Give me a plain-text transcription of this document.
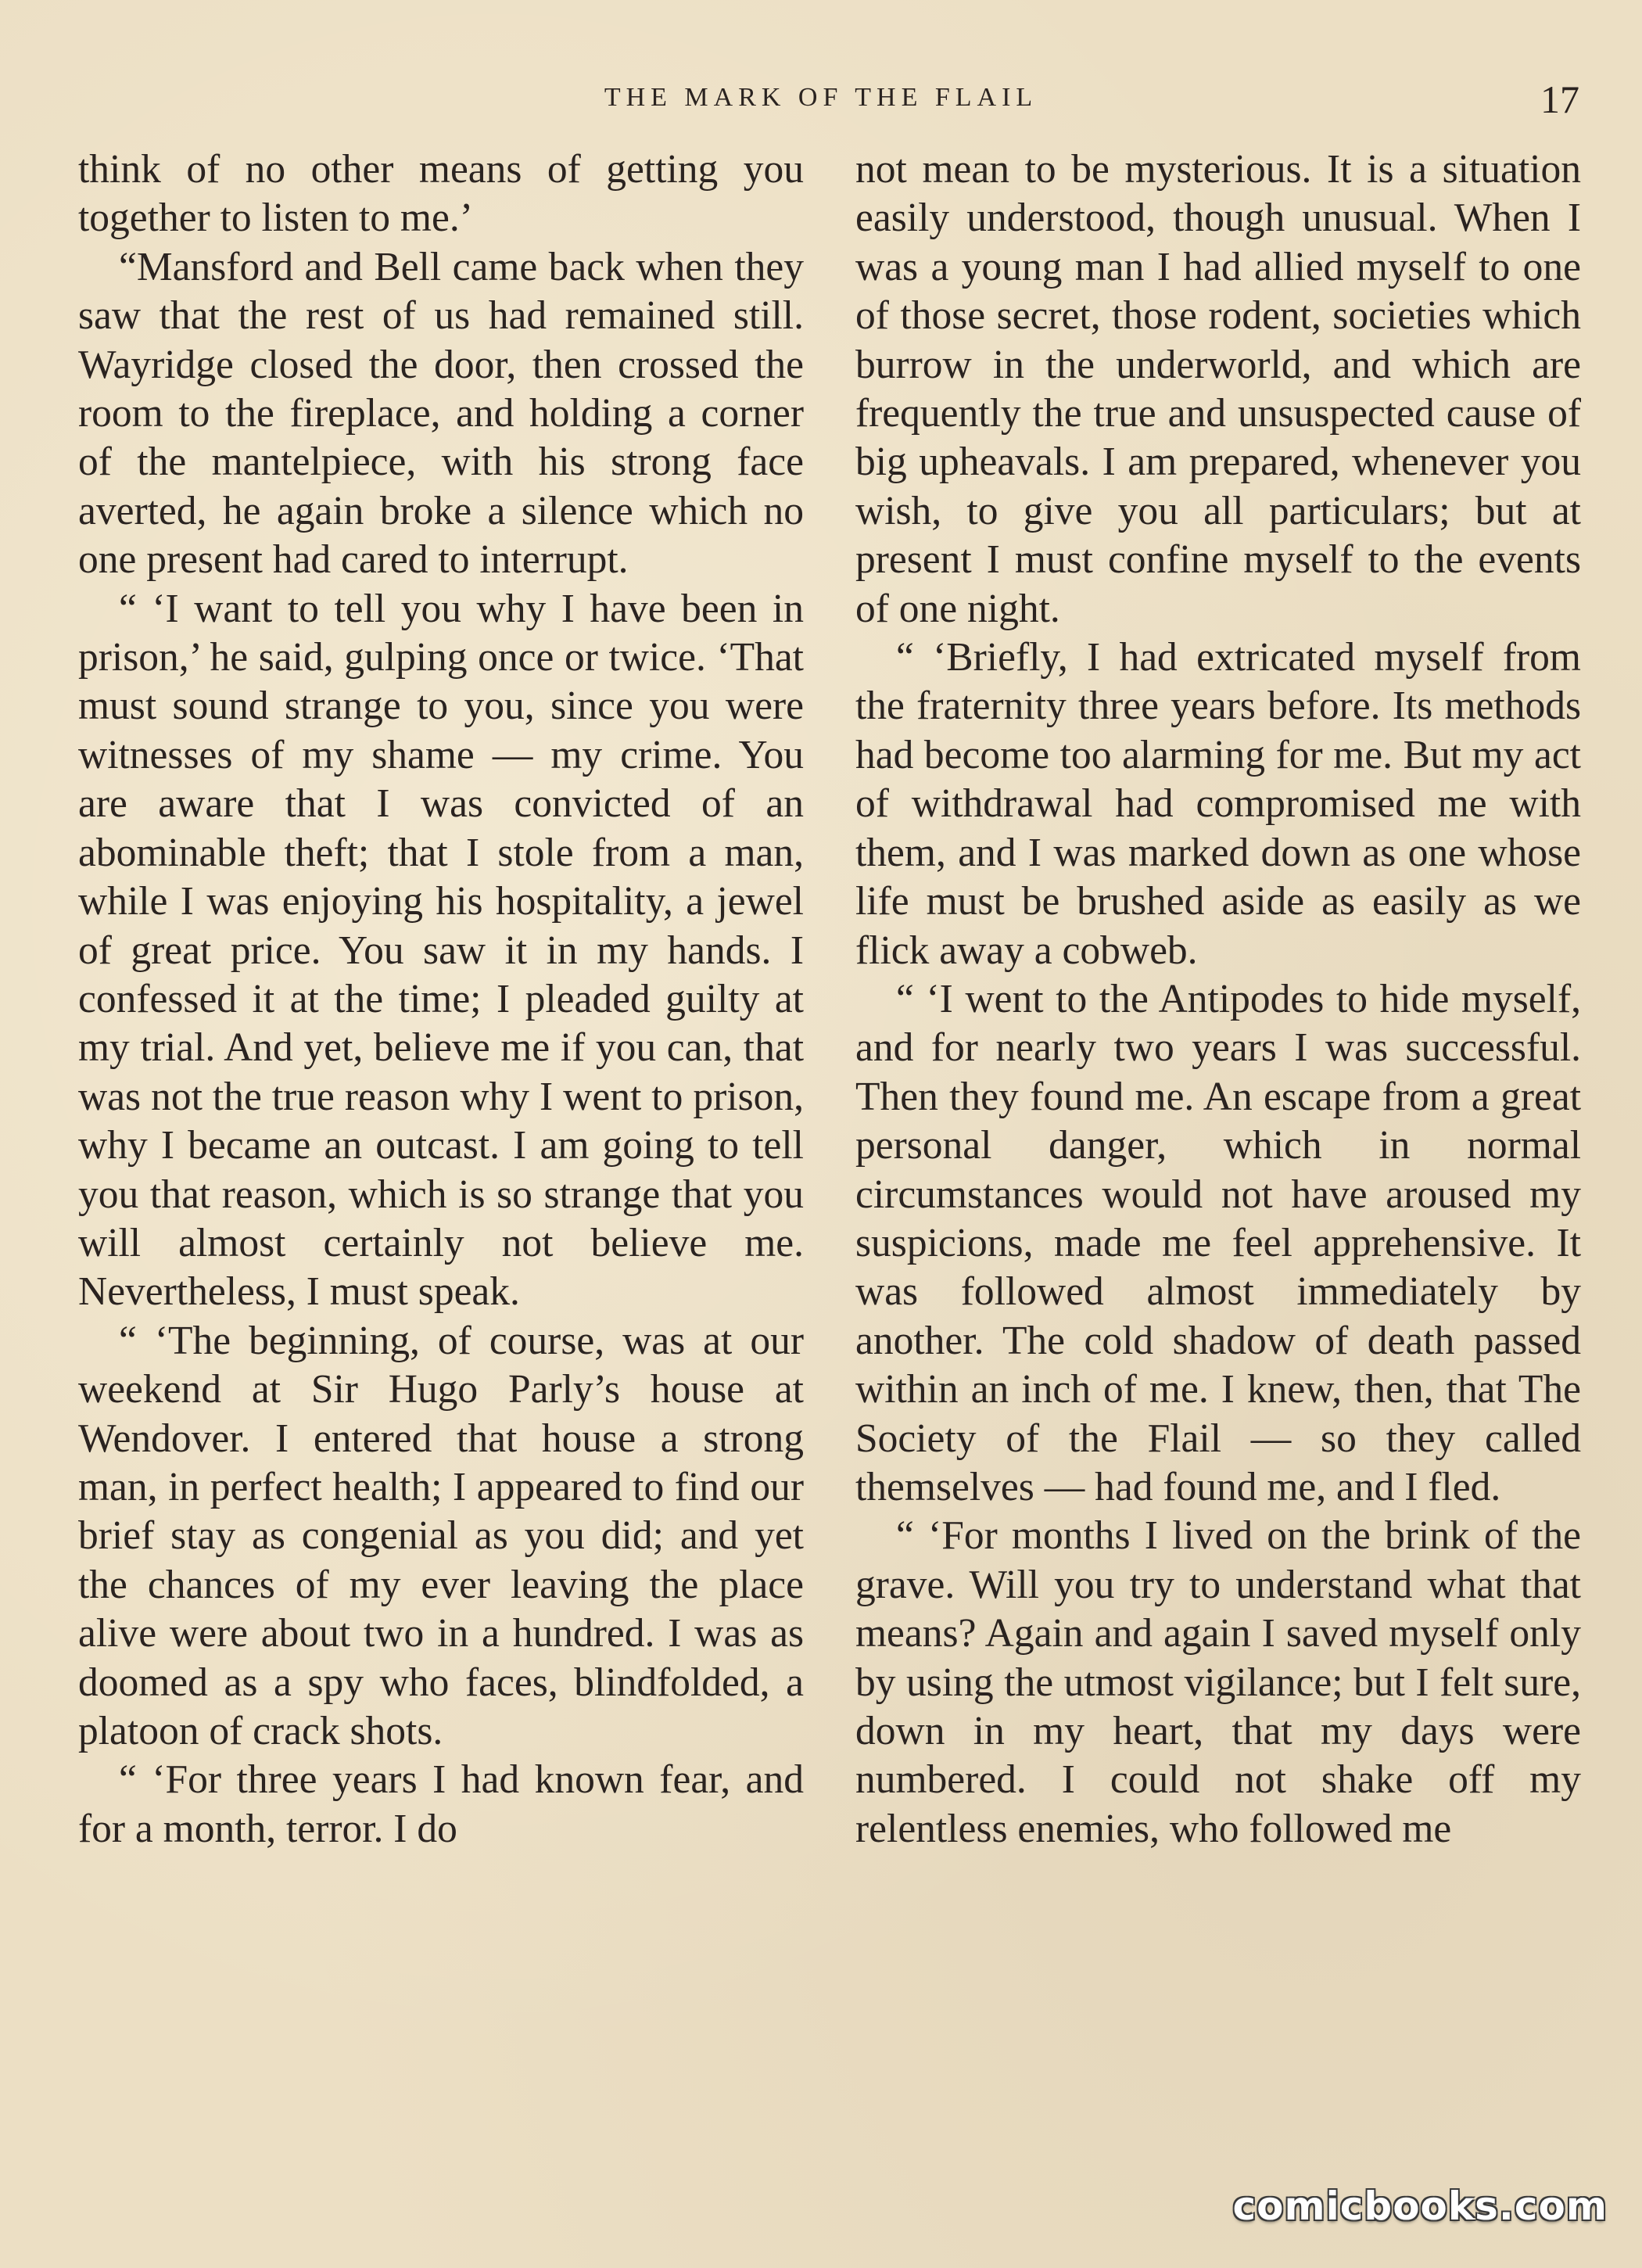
THE MARK OF THE FLAIL	17

think of no other means of getting you together to listen to me.’

“Mansford and Bell came back when they saw that the rest of us had remained still. Wayridge closed the door, then crossed the room to the fireplace, and holding a corner of the mantelpiece, with his strong face averted, he again broke a silence which no one present had cared to interrupt.

“ ‘I want to tell you why I have been in prison,’ he said, gulping once or twice. ‘That must sound strange to you, since you were witnesses of my shame — my crime. You are aware that I was convicted of an abominable theft; that I stole from a man, while I was enjoying his hospitality, a jewel of great price. You saw it in my hands. I confessed it at the time; I pleaded guilty at my trial. And yet, believe me if you can, that was not the true reason why I went to prison, why I became an outcast. I am going to tell you that reason, which is so strange that you will almost certainly not believe me. Nevertheless, I must speak.

“ ‘The beginning, of course, was at our weekend at Sir Hugo Parly’s house at Wendover. I entered that house a strong man, in perfect health; I appeared to find our brief stay as congenial as you did; and yet the chances of my ever leaving the place alive were about two in a hundred. I was as doomed as a spy who faces, blindfolded, a platoon of crack shots.

“ ‘For three years I had known fear, and for a month, terror. I do

not mean to be mysterious. It is a situation easily understood, though unusual. When I was a young man I had allied myself to one of those secret, those rodent, societies which burrow in the underworld, and which are frequently the true and unsuspected cause of big upheavals. I am prepared, whenever you wish, to give you all particulars; but at present I must confine myself to the events of one night.

“ ‘Briefly, I had extricated myself from the fraternity three years before. Its methods had become too alarming for me. But my act of withdrawal had compromised me with them, and I was marked down as one whose life must be brushed aside as easily as we flick away a cobweb.

“ ‘I went to the Antipodes to hide myself, and for nearly two years I was successful. Then they found me. An escape from a great personal danger, which in normal circumstances would not have aroused my suspicions, made me feel apprehensive. It was followed almost immediately by another. The cold shadow of death passed within an inch of me. I knew, then, that The Society of the Flail — so they called themselves — had found me, and I fled.

“ ‘For months I lived on the brink of the grave. Will you try to understand what that means? Again and again I saved myself only by using the utmost vigilance; but I felt sure, down in my heart, that my days were numbered. I could not shake off my relentless enemies, who followed me

comicbooks.com
